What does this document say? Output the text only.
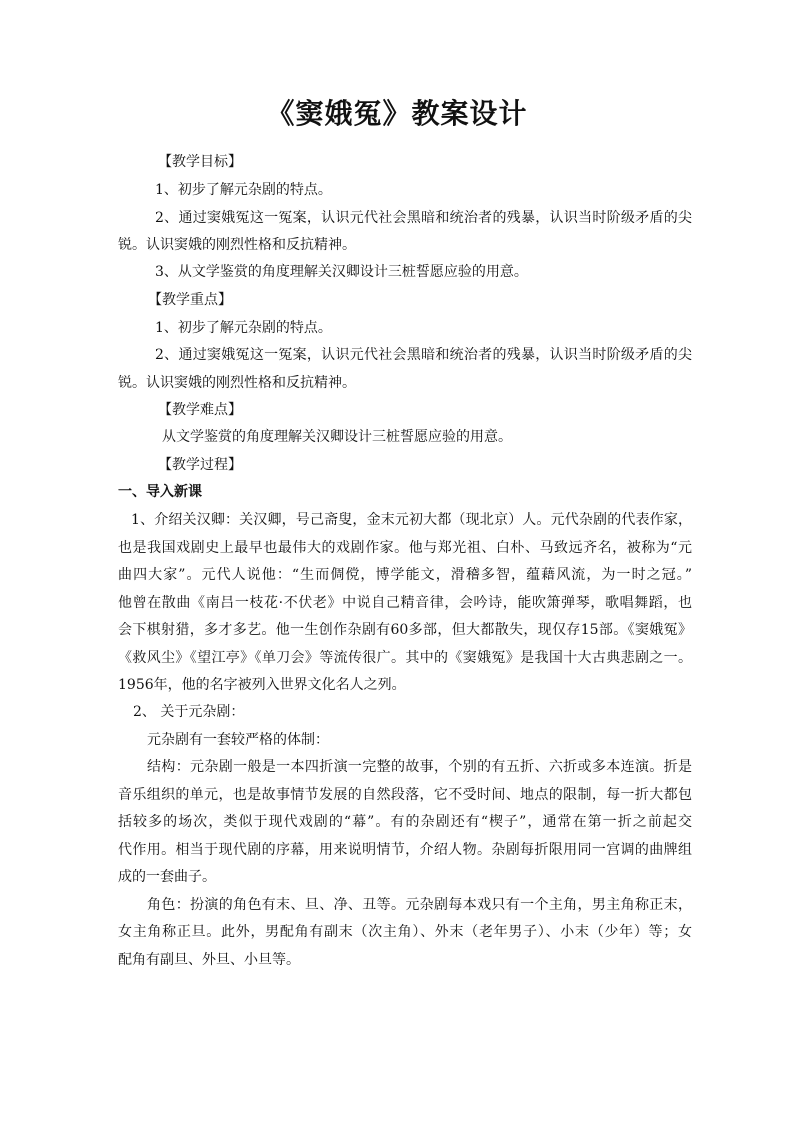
《窦娥冤》教案设计
【教学目标】
1、初步了解元杂剧的特点。
2、通过窦娥冤这一冤案，认识元代社会黑暗和统治者的残暴，认识当时阶级矛盾的尖
锐。认识窦娥的刚烈性格和反抗精神。
3、从文学鉴赏的角度理解关汉卿设计三桩誓愿应验的用意。
【教学重点】
1、初步了解元杂剧的特点。
2、通过窦娥冤这一冤案，认识元代社会黑暗和统治者的残暴，认识当时阶级矛盾的尖
锐。认识窦娥的刚烈性格和反抗精神。
【教学难点】
从文学鉴赏的角度理解关汉卿设计三桩誓愿应验的用意。
【教学过程】
一、导入新课
1、介绍关汉卿：关汉卿，号己斋叟，金末元初大都（现北京）人。元代杂剧的代表作家，
也是我国戏剧史上最早也最伟大的戏剧作家。他与郑光祖、白朴、马致远齐名，被称为“元
曲四大家”。元代人说他：“生而倜傥，博学能文，滑稽多智，蕴藉风流，为一时之冠。”
他曾在散曲《南吕一枝花·不伏老》中说自己精音律，会吟诗，能吹箫弹琴，歌唱舞蹈，也
会下棋射猎，多才多艺。他一生创作杂剧有60多部，但大都散失，现仅存15部。《窦娥冤》
《救风尘》《望江亭》《单刀会》等流传很广。其中的《窦娥冤》是我国十大古典悲剧之一。
1956年，他的名字被列入世界文化名人之列。
2、 关于元杂剧：
元杂剧有一套较严格的体制：
结构：元杂剧一般是一本四折演一完整的故事，个别的有五折、六折或多本连演。折是
音乐组织的单元，也是故事情节发展的自然段落，它不受时间、地点的限制，每一折大都包
括较多的场次，类似于现代戏剧的“幕”。有的杂剧还有“楔子”，通常在第一折之前起交
代作用。相当于现代剧的序幕，用来说明情节，介绍人物。杂剧每折限用同一宫调的曲牌组
成的一套曲子。
角色：扮演的角色有末、旦、净、丑等。元杂剧每本戏只有一个主角，男主角称正末，
女主角称正旦。此外，男配角有副末（次主角）、外末（老年男子）、小末（少年）等；女
配角有副旦、外旦、小旦等。
